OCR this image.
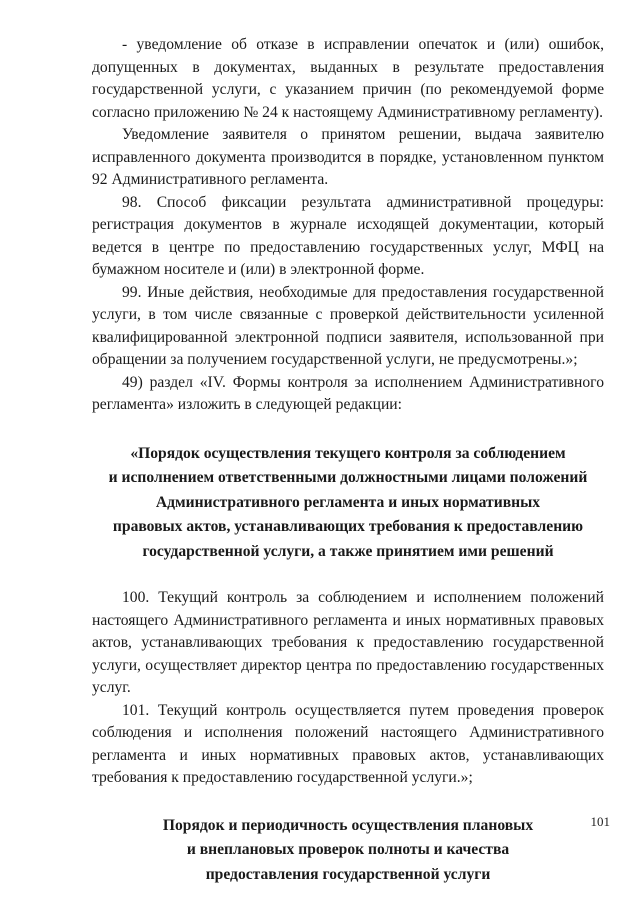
- уведомление об отказе в исправлении опечаток и (или) ошибок, допущенных в документах, выданных в результате предоставления государственной услуги, с указанием причин (по рекомендуемой форме согласно приложению № 24 к настоящему Административному регламенту).

Уведомление заявителя о принятом решении, выдача заявителю исправленного документа производится в порядке, установленном пунктом 92 Административного регламента.

98. Способ фиксации результата административной процедуры: регистрация документов в журнале исходящей документации, который ведется в центре по предоставлению государственных услуг, МФЦ на бумажном носителе и (или) в электронной форме.

99. Иные действия, необходимые для предоставления государственной услуги, в том числе связанные с проверкой действительности усиленной квалифицированной электронной подписи заявителя, использованной при обращении за получением государственной услуги, не предусмотрены.»;

49) раздел «IV. Формы контроля за исполнением Административного регламента» изложить в следующей редакции:

«Порядок осуществления текущего контроля за соблюдением
и исполнением ответственными должностными лицами положений
Административного регламента и иных нормативных
правовых актов, устанавливающих требования к предоставлению
государственной услуги, а также принятием ими решений

100. Текущий контроль за соблюдением и исполнением положений настоящего Административного регламента и иных нормативных правовых актов, устанавливающих требования к предоставлению государственной услуги, осуществляет директор центра по предоставлению государственных услуг.

101. Текущий контроль осуществляется путем проведения проверок соблюдения и исполнения положений настоящего Административного регламента и иных нормативных правовых актов, устанавливающих требования к предоставлению государственной услуги.»;

Порядок и периодичность осуществления плановых
и внеплановых проверок полноты и качества
предоставления государственной услуги
101
